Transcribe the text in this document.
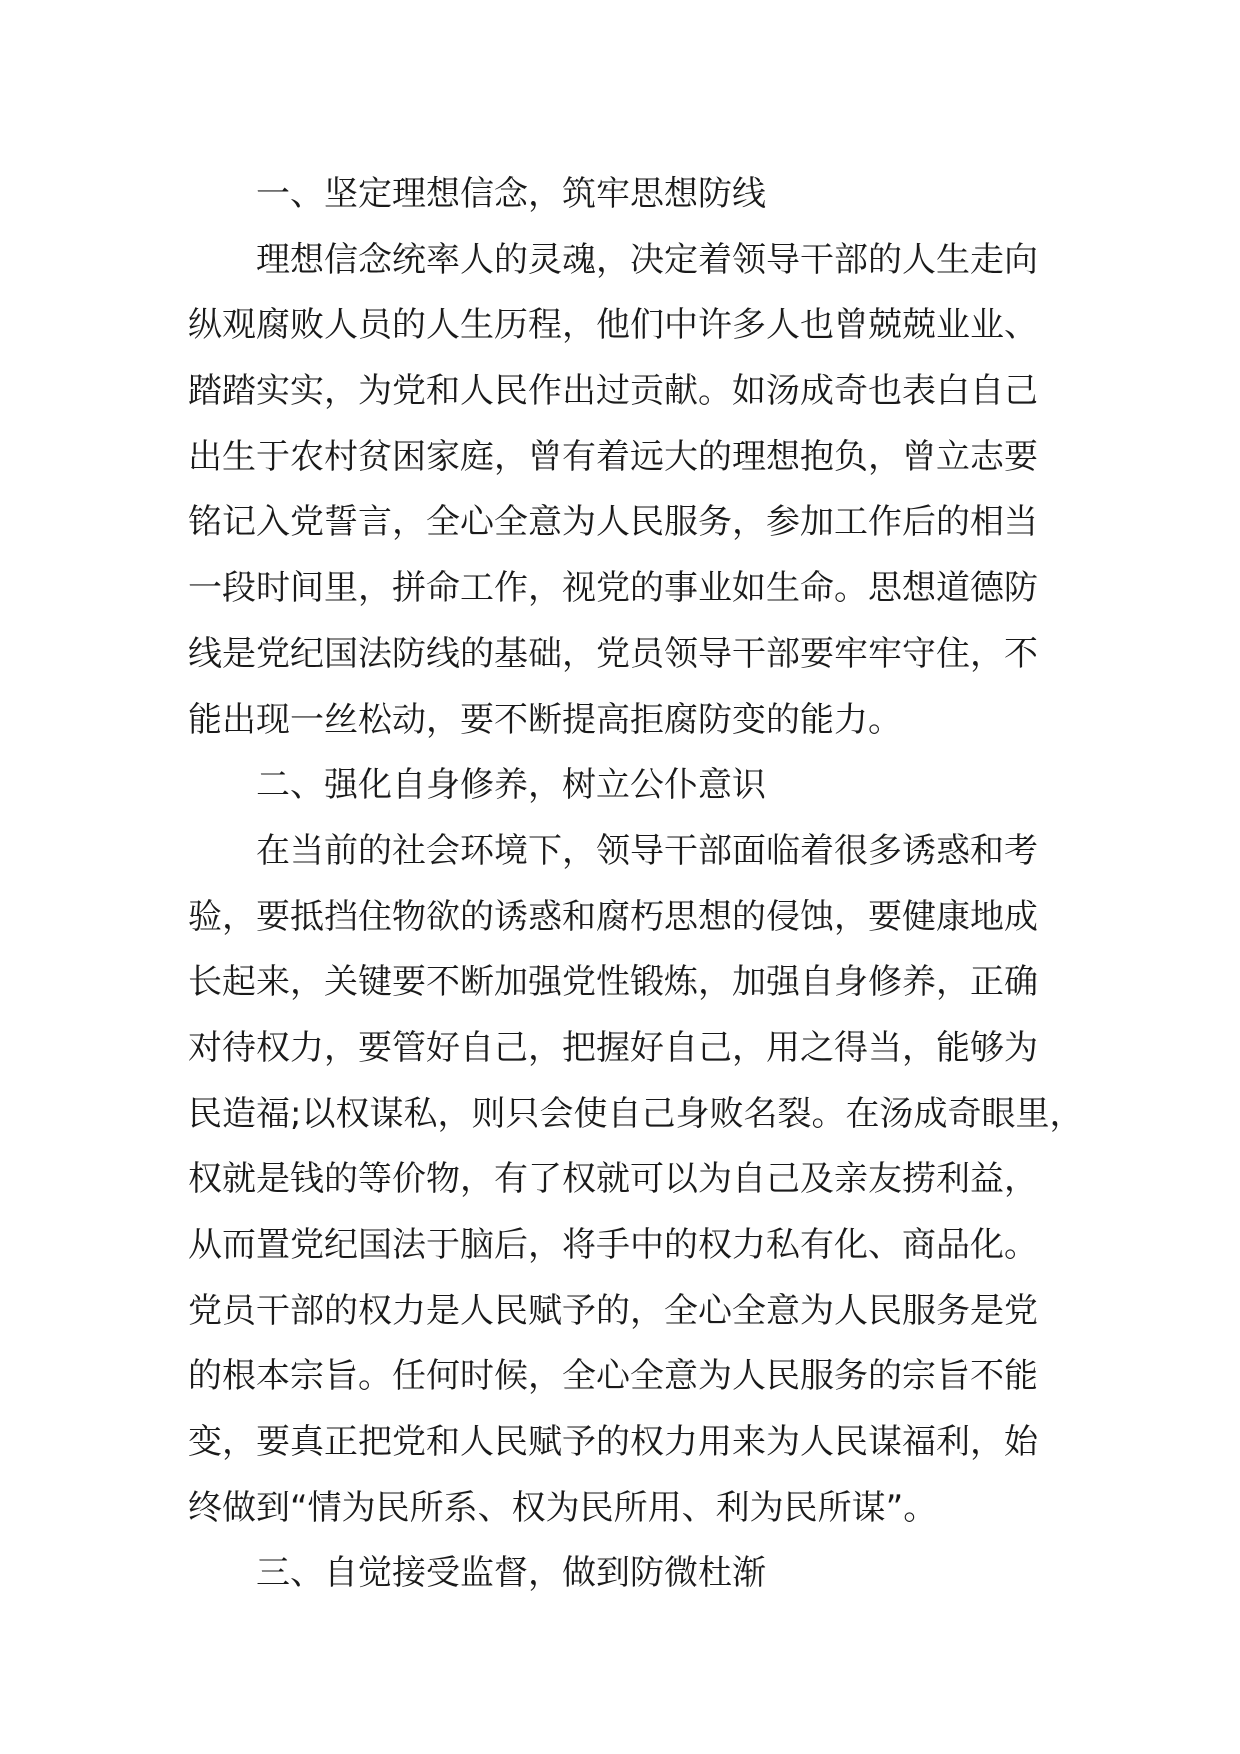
一、坚定理想信念，筑牢思想防线
理想信念统率人的灵魂，决定着领导干部的人生走向
纵观腐败人员的人生历程，他们中许多人也曾兢兢业业、
踏踏实实，为党和人民作出过贡献。如汤成奇也表白自己
出生于农村贫困家庭，曾有着远大的理想抱负，曾立志要
铭记入党誓言，全心全意为人民服务，参加工作后的相当
一段时间里，拼命工作，视党的事业如生命。思想道德防
线是党纪国法防线的基础，党员领导干部要牢牢守住，不
能出现一丝松动，要不断提高拒腐防变的能力。
二、强化自身修养，树立公仆意识
在当前的社会环境下，领导干部面临着很多诱惑和考
验，要抵挡住物欲的诱惑和腐朽思想的侵蚀，要健康地成
长起来，关键要不断加强党性锻炼，加强自身修养，正确
对待权力，要管好自己，把握好自己，用之得当，能够为
民造福;以权谋私，则只会使自己身败名裂。在汤成奇眼里，
权就是钱的等价物，有了权就可以为自己及亲友捞利益，
从而置党纪国法于脑后，将手中的权力私有化、商品化。
党员干部的权力是人民赋予的，全心全意为人民服务是党
的根本宗旨。任何时候，全心全意为人民服务的宗旨不能
变，要真正把党和人民赋予的权力用来为人民谋福利，始
终做到“情为民所系、权为民所用、利为民所谋”。
三、自觉接受监督，做到防微杜渐
